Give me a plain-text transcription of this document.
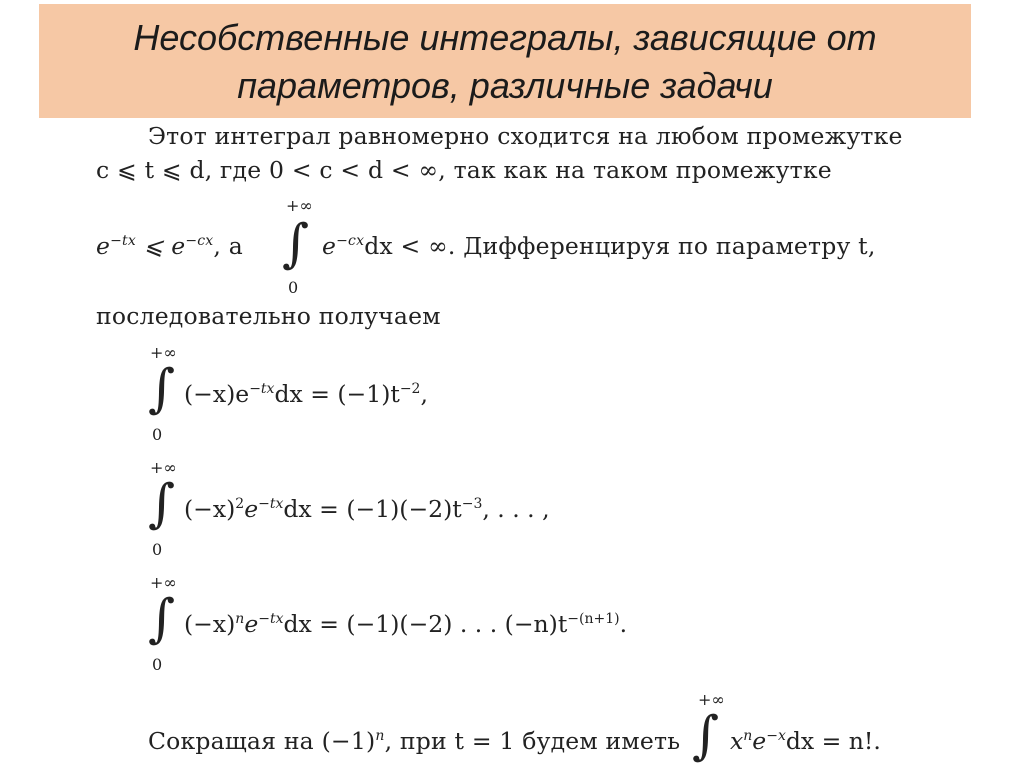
Несобственные интегралы, зависящие от
параметров, различные задачи
Этот интеграл равномерно сходится на любом промежутке
c ⩽ t ⩽ d, где 0 < c < d < ∞, так как на таком промежутке
$e^{-tx}$ ⩽ $e^{-cx}$, а
+∞
∫
0
$e^{-cx}dx$ < ∞. Дифференцируя по параметру t,
последовательно получаем
+∞
∫
0
$(-x)e^{-tx}dx = (-1)t^{-2}$,
+∞
∫
0
$(-x)^2e^{-tx}dx = (-1)(-2)t^{-3}$, . . . ,
+∞
∫
0
$(-x)^ne^{-tx}dx = (-1)(-2)$ . . . $(-n)t^{-(n+1)}$.
Сокращая на $(-1)^n$, при t = 1 будем иметь
+∞
∫ $x^ne^{-x}dx = n$!.
